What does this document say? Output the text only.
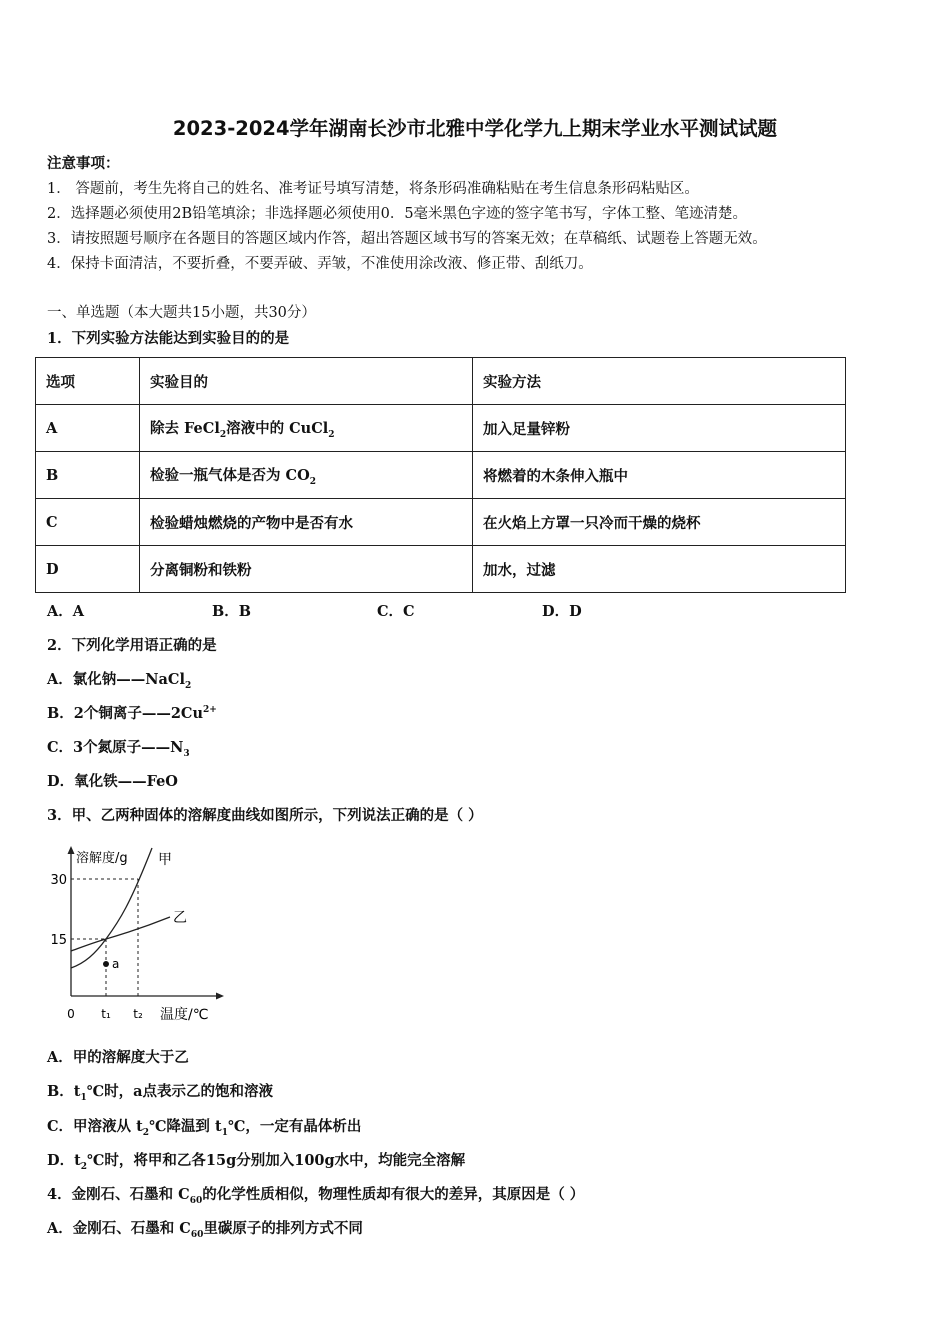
2023-2024学年湖南长沙市北雅中学化学九上期末学业水平测试试题
注意事项：
1． 答题前，考生先将自己的姓名、准考证号填写清楚，将条形码准确粘贴在考生信息条形码粘贴区。
2．选择题必须使用2B铅笔填涂；非选择题必须使用0．5毫米黑色字迹的签字笔书写，字体工整、笔迹清楚。
3．请按照题号顺序在各题目的答题区域内作答，超出答题区域书写的答案无效；在草稿纸、试题卷上答题无效。
4．保持卡面清洁，不要折叠，不要弄破、弄皱，不准使用涂改液、修正带、刮纸刀。
一、单选题（本大题共15小题，共30分）
1．下列实验方法能达到实验目的的是
选项	实验目的	实验方法
A	除去 FeCl$_2$溶液中的 CuCl$_2$	加入足量锌粉
B	检验一瓶气体是否为 $CO_2$	将燃着的木条伸入瓶中
C	检验蜡烛燃烧的产物中是否有水	在火焰上方罩一只冷而干燥的烧杯
D	分离铜粉和铁粉	加水，过滤
A．A	B．B	C．C	D．D
2．下列化学用语正确的是
A．氯化钠——NaCl$_2$
B．2个铜离子$——2Cu^{2+}$
C．3个氮原子$——N_3$
D．氧化铁——FeO
3．甲、乙两种固体的溶解度曲线如图所示，下列说法正确的是（ ）
a
溶解度/g 甲
乙
30
15
0 t₁ t₂ 温度/℃
A．甲的溶解度大于乙
B．$t_1℃$时，a点表示乙的饱和溶液
C．甲溶液从 $t_2℃$降温到 $t_1℃$，一定有晶体析出
D．$t_2℃$时，将甲和乙各15g分别加入100g水中，均能完全溶解
4．金刚石、石墨和 $C_{60}$的化学性质相似，物理性质却有很大的差异，其原因是（ ）
A．金刚石、石墨和 $C_{60}$里碳原子的排列方式不同
